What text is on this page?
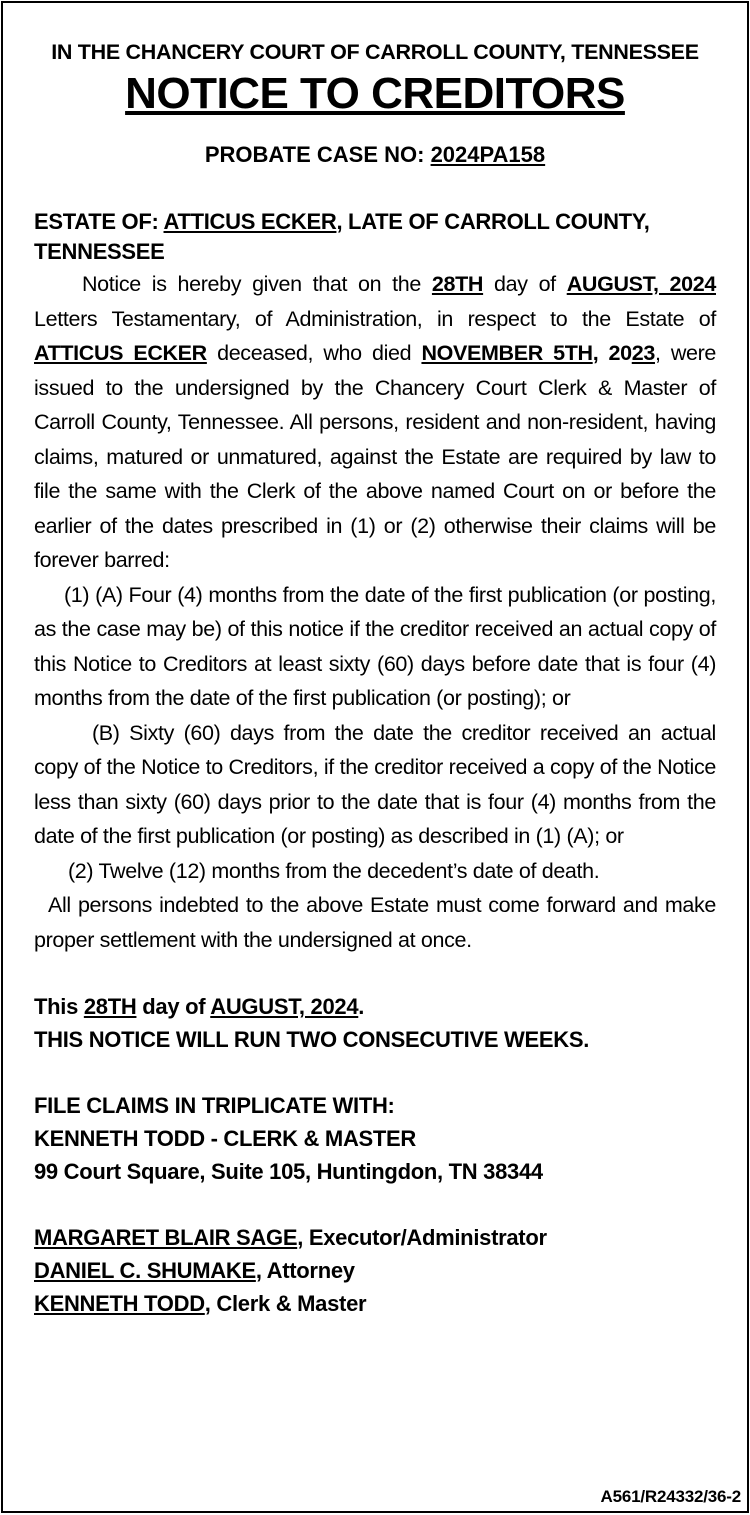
IN THE CHANCERY COURT OF CARROLL COUNTY, TENNESSEE
NOTICE TO CREDITORS
PROBATE CASE NO: 2024PA158
ESTATE OF: ATTICUS ECKER, LATE OF CARROLL COUNTY, TENNESSEE

Notice is hereby given that on the 28TH day of AUGUST, 2024 Letters Testamentary, of Administration, in respect to the Estate of ATTICUS ECKER deceased, who died NOVEMBER 5TH, 2023, were issued to the undersigned by the Chancery Court Clerk & Master of Carroll County, Tennessee. All persons, resident and non-resident, having claims, matured or unmatured, against the Estate are required by law to file the same with the Clerk of the above named Court on or before the earlier of the dates prescribed in (1) or (2) otherwise their claims will be forever barred:

(1) (A) Four (4) months from the date of the first publication (or posting, as the case may be) of this notice if the creditor received an actual copy of this Notice to Creditors at least sixty (60) days before date that is four (4) months from the date of the first publication (or posting); or

(B) Sixty (60) days from the date the creditor received an actual copy of the Notice to Creditors, if the creditor received a copy of the Notice less than sixty (60) days prior to the date that is four (4) months from the date of the first publication (or posting) as described in (1) (A); or

(2) Twelve (12) months from the decedent’s date of death.

All persons indebted to the above Estate must come forward and make proper settlement with the undersigned at once.

This 28TH day of AUGUST, 2024.
THIS NOTICE WILL RUN TWO CONSECUTIVE WEEKS.
FILE CLAIMS IN TRIPLICATE WITH:
KENNETH TODD - CLERK & MASTER
99 Court Square, Suite 105, Huntingdon, TN 38344
MARGARET BLAIR SAGE, Executor/Administrator
DANIEL C. SHUMAKE, Attorney
KENNETH TODD, Clerk & Master
A561/R24332/36-2
